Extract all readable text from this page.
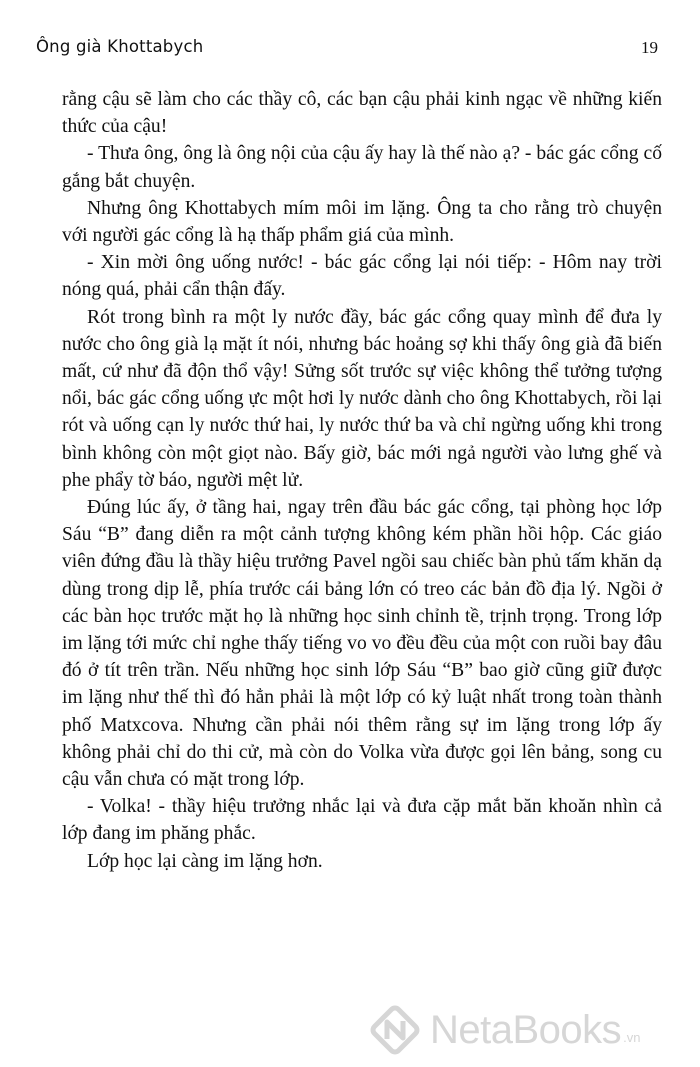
Ông già Khottabych	19

rằng cậu sẽ làm cho các thầy cô, các bạn cậu phải kinh ngạc về những kiến thức của cậu!

- Thưa ông, ông là ông nội của cậu ấy hay là thế nào ạ? - bác gác cổng cố gắng bắt chuyện.

Nhưng ông Khottabych mím môi im lặng. Ông ta cho rằng trò chuyện với người gác cổng là hạ thấp phẩm giá của mình.

- Xin mời ông uống nước! - bác gác cổng lại nói tiếp: - Hôm nay trời nóng quá, phải cẩn thận đấy.

Rót trong bình ra một ly nước đầy, bác gác cổng quay mình để đưa ly nước cho ông già lạ mặt ít nói, nhưng bác hoảng sợ khi thấy ông già đã biến mất, cứ như đã độn thổ vậy! Sửng sốt trước sự việc không thể tưởng tượng nổi, bác gác cổng uống ực một hơi ly nước dành cho ông Khottabych, rồi lại rót và uống cạn ly nước thứ hai, ly nước thứ ba và chỉ ngừng uống khi trong bình không còn một giọt nào. Bấy giờ, bác mới ngả người vào lưng ghế và phe phẩy tờ báo, người mệt lử.

Đúng lúc ấy, ở tầng hai, ngay trên đầu bác gác cổng, tại phòng học lớp Sáu “B” đang diễn ra một cảnh tượng không kém phần hồi hộp. Các giáo viên đứng đầu là thầy hiệu trưởng Pavel ngồi sau chiếc bàn phủ tấm khăn dạ dùng trong dịp lễ, phía trước cái bảng lớn có treo các bản đồ địa lý. Ngồi ở các bàn học trước mặt họ là những học sinh chỉnh tề, trịnh trọng. Trong lớp im lặng tới mức chỉ nghe thấy tiếng vo vo đều đều của một con ruồi bay đâu đó ở tít trên trần. Nếu những học sinh lớp Sáu “B” bao giờ cũng giữ được im lặng như thế thì đó hẳn phải là một lớp có kỷ luật nhất trong toàn thành phố Matxcova. Nhưng cần phải nói thêm rằng sự im lặng trong lớp ấy không phải chỉ do thi cử, mà còn do Volka vừa được gọi lên bảng, song cu cậu vẫn chưa có mặt trong lớp.

- Volka! - thầy hiệu trưởng nhắc lại và đưa cặp mắt băn khoăn nhìn cả lớp đang im phăng phắc.

Lớp học lại càng im lặng hơn.

NetaBooks .vn
